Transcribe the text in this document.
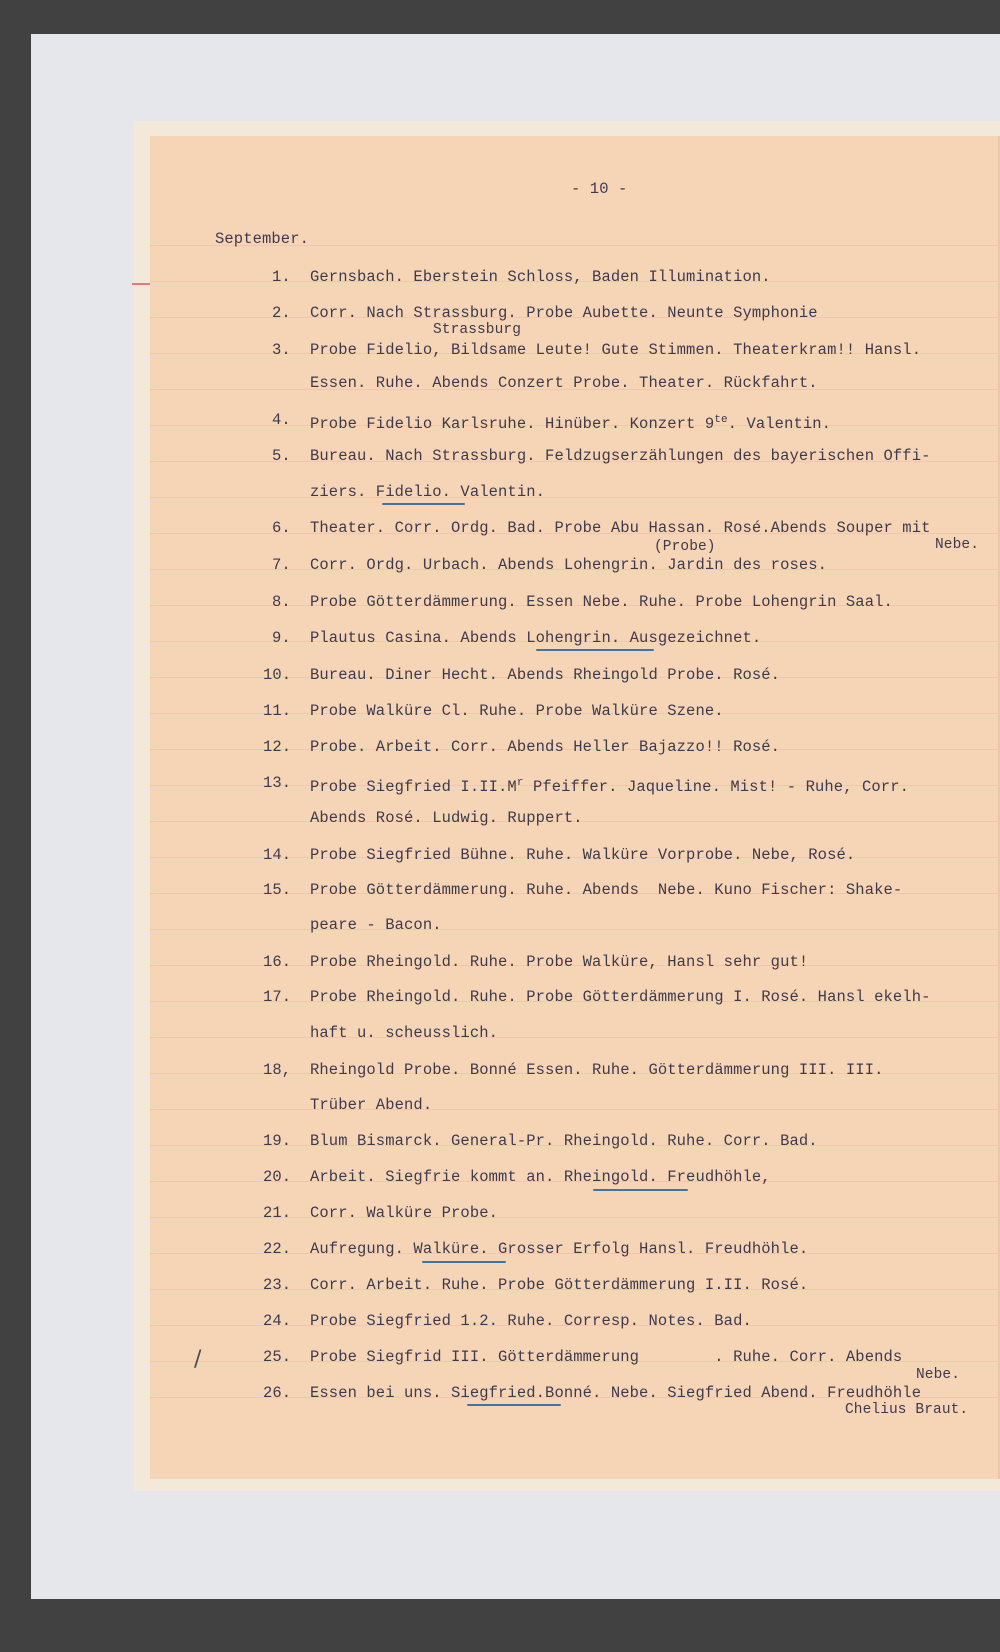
- 10 -
September.
1. Gernsbach. Eberstein Schloss, Baden Illumination.
2. Corr. Nach Strassburg. Probe Aubette. Neunte Symphonie
Strassburg
3. Probe Fidelio, Bildsame Leute! Gute Stimmen. Theaterkram!! Hansl.
Essen. Ruhe. Abends Conzert Probe. Theater. Rückfahrt.
4. Probe Fidelio Karlsruhe. Hinüber. Konzert $9^{te}$. Valentin.
5. Bureau. Nach Strassburg. Feldzugserzählungen des bayerischen Offi-
ziers. Fidelio. Valentin.
6. Theater. Corr. Ordg. Bad. Probe Abu Hassan. Rosé.Abends Souper mit
Nebe.
(Probe)
7. Corr. Ordg. Urbach. Abends Lohengrin. Jardin des roses.
8. Probe Götterdämmerung. Essen Nebe. Ruhe. Probe Lohengrin Saal.
9. Plautus Casina. Abends Lohengrin. Ausgezeichnet.
10. Bureau. Diner Hecht. Abends Rheingold Probe. Rosé.
11. Probe Walküre Cl. Ruhe. Probe Walküre Szene.
12. Probe. Arbeit. Corr. Abends Heller Bajazzo!! Rosé.
13. Probe Siegfried $I.II.M^r$ Pfeiffer. Jaqueline. Mist! - Ruhe, Corr.
Abends Rosé. Ludwig. Ruppert.
14. Probe Siegfried Bühne. Ruhe. Walküre Vorprobe. Nebe, Rosé.
15. Probe Götterdämmerung. Ruhe. Abends  Nebe. Kuno Fischer: Shake-
peare - Bacon.
16. Probe Rheingold. Ruhe. Probe Walküre, Hansl sehr gut!
17. Probe Rheingold. Ruhe. Probe Götterdämmerung I. Rosé. Hansl ekelh-
haft u. scheusslich.
18, Rheingold Probe. Bonné Essen. Ruhe. Götterdämmerung III. III.
Trüber Abend.
19. Blum Bismarck. General-Pr. Rheingold. Ruhe. Corr. Bad.
20. Arbeit. Siegfrie kommt an. Rheingold. Freudhöhle,
21. Corr. Walküre Probe.
22. Aufregung. Walküre. Grosser Erfolg Hansl. Freudhöhle.
23. Corr. Arbeit. Ruhe. Probe Götterdämmerung I.II. Rosé.
24. Probe Siegfried 1.2. Ruhe. Corresp. Notes. Bad.
25. Probe Siegfrid III. Götterdämmerung        . Ruhe. Corr. Abends
Nebe.
/
26. Essen bei uns. Siegfried.Bonné. Nebe. Siegfried Abend. Freudhöhle
Chelius Braut.
